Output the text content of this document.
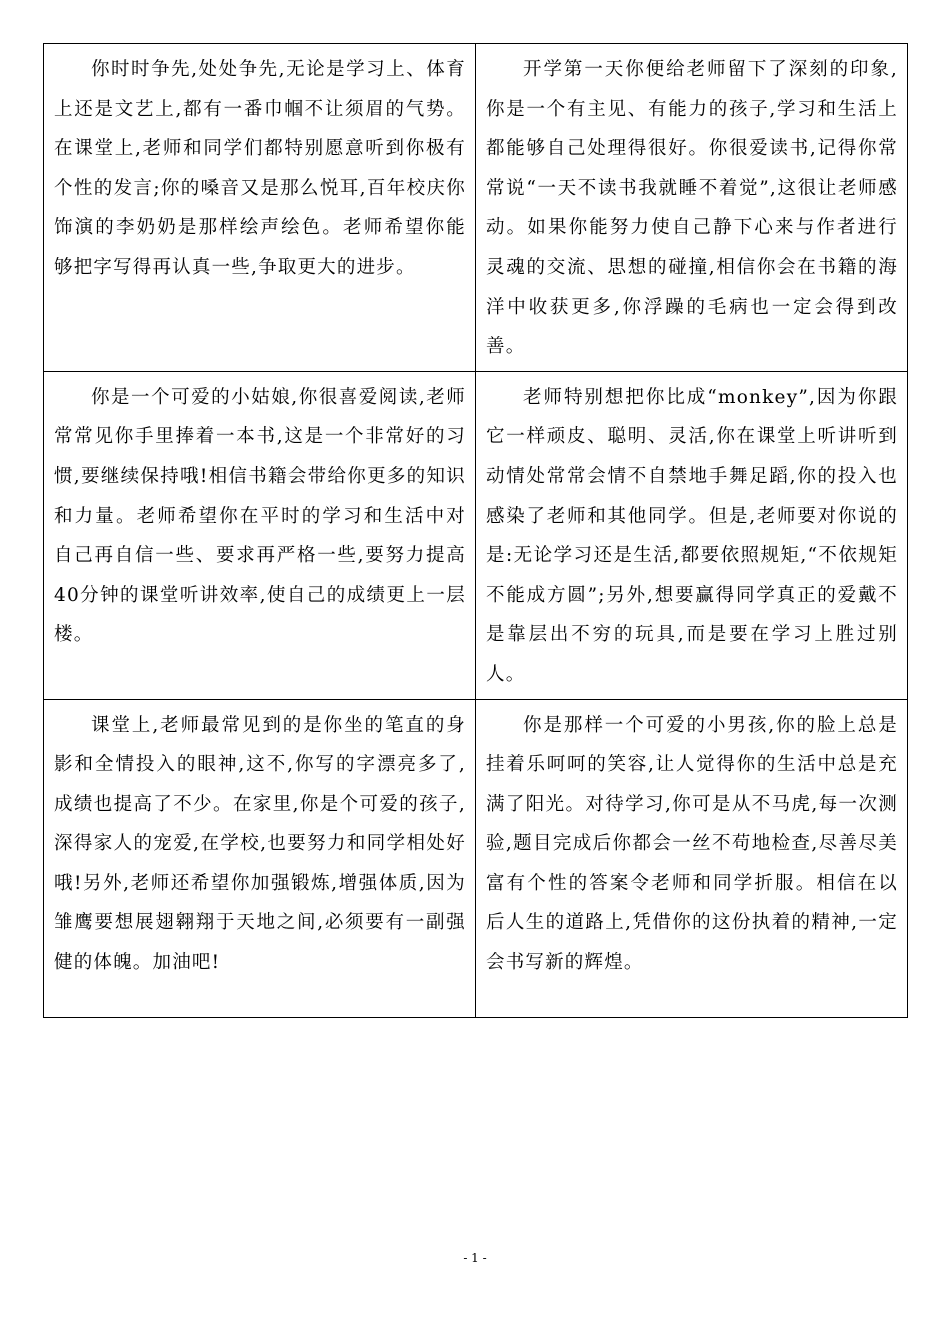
你时时争先,处处争先,无论是学习上、体育上还是文艺上,都有一番巾帼不让须眉的气势。在课堂上,老师和同学们都特别愿意听到你极有个性的发言;你的嗓音又是那么悦耳,百年校庆你饰演的李奶奶是那样绘声绘色。老师希望你能够把字写得再认真一些,争取更大的进步。	开学第一天你便给老师留下了深刻的印象,你是一个有主见、有能力的孩子,学习和生活上都能够自己处理得很好。你很爱读书,记得你常常说“一天不读书我就睡不着觉”,这很让老师感动。如果你能努力使自己静下心来与作者进行灵魂的交流、思想的碰撞,相信你会在书籍的海洋中收获更多,你浮躁的毛病也一定会得到改善。

你是一个可爱的小姑娘,你很喜爱阅读,老师常常见你手里捧着一本书,这是一个非常好的习惯,要继续保持哦!相信书籍会带给你更多的知识和力量。老师希望你在平时的学习和生活中对自己再自信一些、要求再严格一些,要努力提高40分钟的课堂听讲效率,使自己的成绩更上一层楼。	老师特别想把你比成“monkey”,因为你跟它一样顽皮、聪明、灵活,你在课堂上听讲听到动情处常常会情不自禁地手舞足蹈,你的投入也感染了老师和其他同学。但是,老师要对你说的是:无论学习还是生活,都要依照规矩,“不依规矩不能成方圆”;另外,想要赢得同学真正的爱戴不是靠层出不穷的玩具,而是要在学习上胜过别人。

课堂上,老师最常见到的是你坐的笔直的身影和全情投入的眼神,这不,你写的字漂亮多了,成绩也提高了不少。在家里,你是个可爱的孩子,深得家人的宠爱,在学校,也要努力和同学相处好哦!另外,老师还希望你加强锻炼,增强体质,因为雏鹰要想展翅翱翔于天地之间,必须要有一副强健的体魄。加油吧!	你是那样一个可爱的小男孩,你的脸上总是挂着乐呵呵的笑容,让人觉得你的生活中总是充满了阳光。对待学习,你可是从不马虎,每一次测验,题目完成后你都会一丝不苟地检查,尽善尽美富有个性的答案令老师和同学折服。相信在以后人生的道路上,凭借你的这份执着的精神,一定会书写新的辉煌。

- 1 -
